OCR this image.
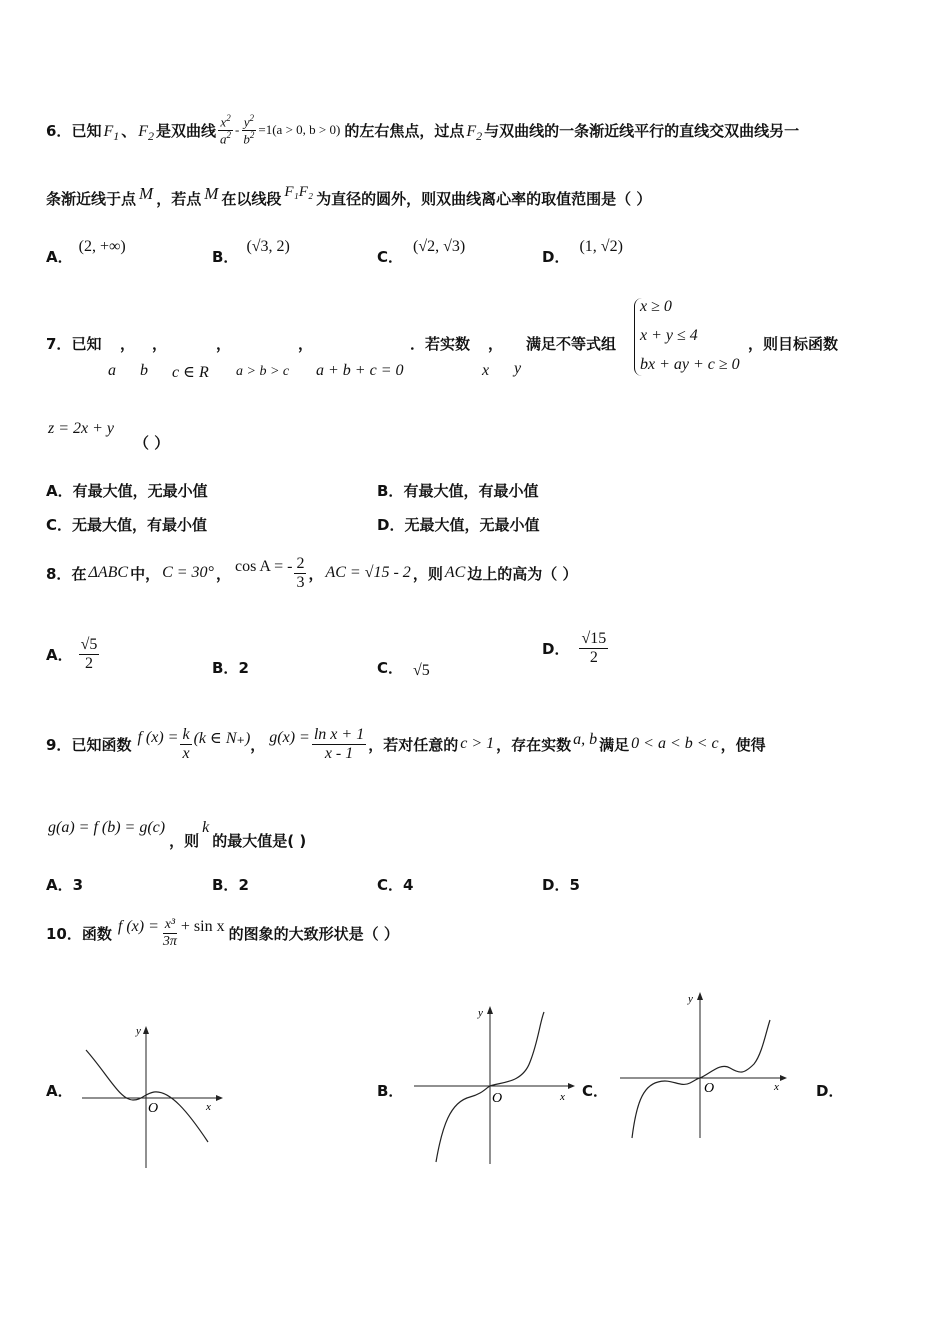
6． 已知 $F_1$ 、 $F_2$ 是双曲线 $\frac{x^2}{a^2} - \frac{y^2}{b^2} =1(a > 0$, b > 0) 的左右焦点，过点 $F_2$ 与双曲线的一条渐近线平行的直线交双曲线另一
条渐近线于点 M ，若点 M 在以线段 F₁F₂ 为直径的圆外，则双曲线离心率的取值范围是（ ）
A．
(2, +∞)
B．
(√3, 2)
C．
(√2, √3)
D．
(1, √2)
7． 已知 ， ，	，	，	．若实数 ， 满足不等式组	，则目标函数
a b c ∈ R a > b > c a + b + c = 0	x y
x ≥ 0
x + y ≤ 4
bx + ay + c ≥ 0
z = 2x + y
（ ）
A．有最大值，无最小值	B．有最大值，有最小值
C．无最大值，有最小值	D．无最大值，无最小值
8． 在 ΔABC 中， C = 30° ， cos A = - $\frac{2}{3}$ ， AC = √15 - 2 ，则 AC 边上的高为（ ）
A． $\frac{√5}{2}$	B．2	C． √5
D． $\frac{√15}{2}$
9． 已知函数 f $(x) = \frac{k}{x} (k$ ∈ N₊) ， $g(x) = \frac{\text{ln x + 1}}{x - 1}$ ，若对任意的 c > 1 ，存在实数 a, b 满足 0 < a < b < c ，使得
g(a) = f (b) = g(c)
，则
k
的最大值是( )
A．3	B．2	C．4	D．5
10． 函数 f $(x) = \frac{\text{x³}}{3\pi} + \sin x$ 的图象的大致形状是（ ）
A．	B．	C．	D．
y
x
O
y
x
O
y
x
O
